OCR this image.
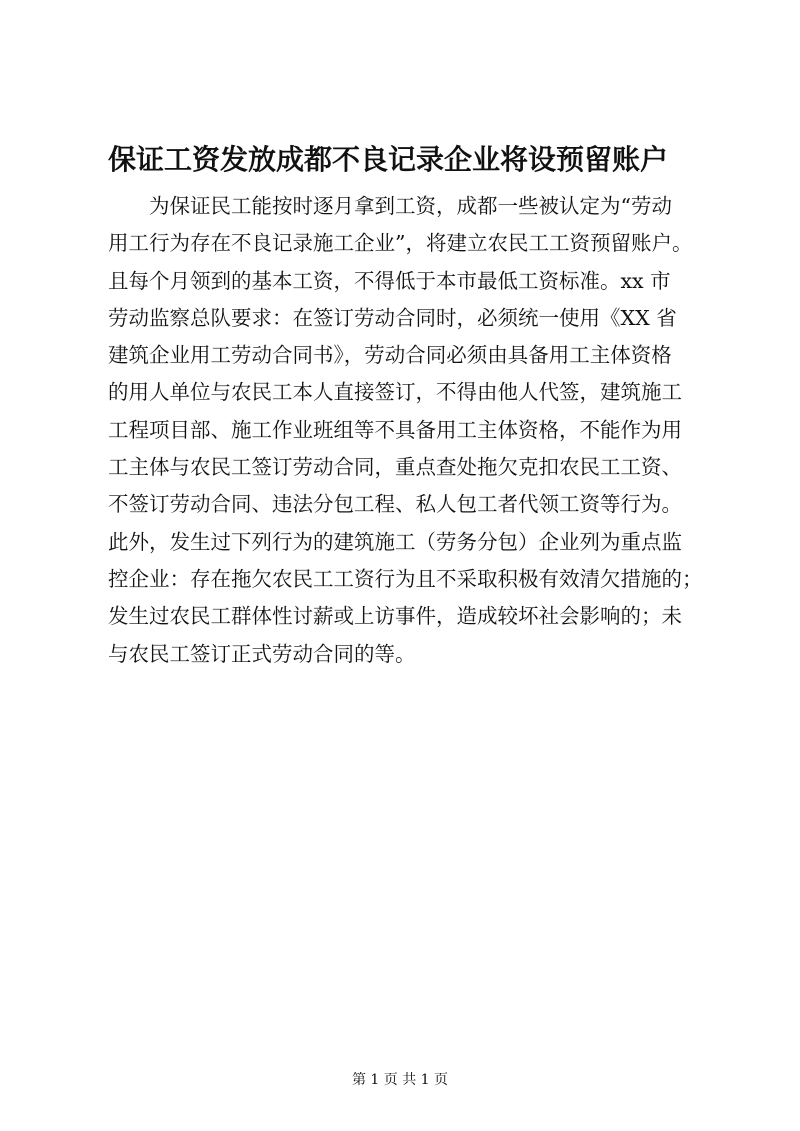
保证工资发放成都不良记录企业将设预留账户
　　为保证民工能按时逐月拿到工资，成都一些被认定为“劳动
用工行为存在不良记录施工企业”，将建立农民工工资预留账户。
且每个月领到的基本工资，不得低于本市最低工资标准。xx 市
劳动监察总队要求：在签订劳动合同时，必须统一使用《XX 省
建筑企业用工劳动合同书》，劳动合同必须由具备用工主体资格
的用人单位与农民工本人直接签订，不得由他人代签，建筑施工
工程项目部、施工作业班组等不具备用工主体资格，不能作为用
工主体与农民工签订劳动合同，重点查处拖欠克扣农民工工资、
不签订劳动合同、违法分包工程、私人包工者代领工资等行为。
此外，发生过下列行为的建筑施工（劳务分包）企业列为重点监
控企业：存在拖欠农民工工资行为且不采取积极有效清欠措施的；
发生过农民工群体性讨薪或上访事件，造成较坏社会影响的；未
与农民工签订正式劳动合同的等。
第 1 页 共 1 页
